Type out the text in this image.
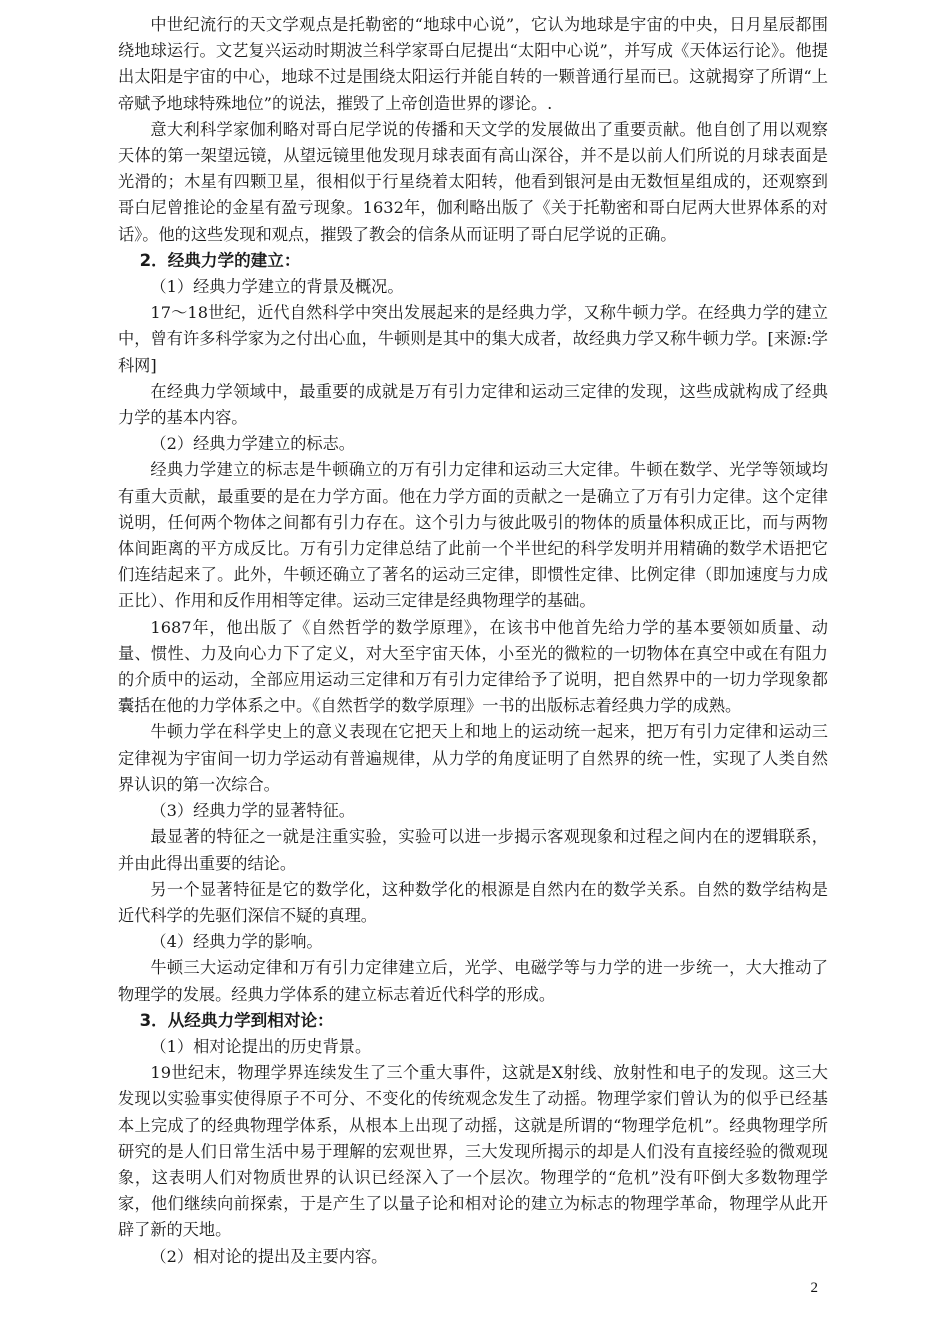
中世纪流行的天文学观点是托勒密的“地球中心说”，它认为地球是宇宙的中央，日月星辰都围绕地球运行。文艺复兴运动时期波兰科学家哥白尼提出“太阳中心说”，并写成《天体运行论》。他提出太阳是宇宙的中心，地球不过是围绕太阳运行并能自转的一颗普通行星而已。这就揭穿了所谓“上帝赋予地球特殊地位”的说法，摧毁了上帝创造世界的谬论。.

意大利科学家伽利略对哥白尼学说的传播和天文学的发展做出了重要贡献。他自创了用以观察天体的第一架望远镜，从望远镜里他发现月球表面有高山深谷，并不是以前人们所说的月球表面是光滑的；木星有四颗卫星，很相似于行星绕着太阳转，他看到银河是由无数恒星组成的，还观察到哥白尼曾推论的金星有盈亏现象。1632年，伽利略出版了《关于托勒密和哥白尼两大世界体系的对话》。他的这些发现和观点，摧毁了教会的信条从而证明了哥白尼学说的正确。

2．经典力学的建立：

（1）经典力学建立的背景及概况。

17～18世纪，近代自然科学中突出发展起来的是经典力学，又称牛顿力学。在经典力学的建立中，曾有许多科学家为之付出心血，牛顿则是其中的集大成者，故经典力学又称牛顿力学。[来源:学科网]

在经典力学领域中，最重要的成就是万有引力定律和运动三定律的发现，这些成就构成了经典力学的基本内容。

（2）经典力学建立的标志。

经典力学建立的标志是牛顿确立的万有引力定律和运动三大定律。牛顿在数学、光学等领域均有重大贡献，最重要的是在力学方面。他在力学方面的贡献之一是确立了万有引力定律。这个定律说明，任何两个物体之间都有引力存在。这个引力与彼此吸引的物体的质量体积成正比，而与两物体间距离的平方成反比。万有引力定律总结了此前一个半世纪的科学发明并用精确的数学术语把它们连结起来了。此外，牛顿还确立了著名的运动三定律，即惯性定律、比例定律（即加速度与力成正比）、作用和反作用相等定律。运动三定律是经典物理学的基础。

1687年，他出版了《自然哲学的数学原理》，在该书中他首先给力学的基本要领如质量、动量、惯性、力及向心力下了定义，对大至宇宙天体，小至光的微粒的一切物体在真空中或在有阻力的介质中的运动，全部应用运动三定律和万有引力定律给予了说明，把自然界中的一切力学现象都囊括在他的力学体系之中。《自然哲学的数学原理》一书的出版标志着经典力学的成熟。

牛顿力学在科学史上的意义表现在它把天上和地上的运动统一起来，把万有引力定律和运动三定律视为宇宙间一切力学运动有普遍规律，从力学的角度证明了自然界的统一性，实现了人类自然界认识的第一次综合。

（3）经典力学的显著特征。

最显著的特征之一就是注重实验，实验可以进一步揭示客观现象和过程之间内在的逻辑联系，并由此得出重要的结论。

另一个显著特征是它的数学化，这种数学化的根源是自然内在的数学关系。自然的数学结构是近代科学的先驱们深信不疑的真理。

（4）经典力学的影响。

牛顿三大运动定律和万有引力定律建立后，光学、电磁学等与力学的进一步统一，大大推动了物理学的发展。经典力学体系的建立标志着近代科学的形成。

3．从经典力学到相对论：

（1）相对论提出的历史背景。

19世纪末，物理学界连续发生了三个重大事件，这就是X射线、放射性和电子的发现。这三大发现以实验事实使得原子不可分、不变化的传统观念发生了动摇。物理学家们曾认为的似乎已经基本上完成了的经典物理学体系，从根本上出现了动摇，这就是所谓的“物理学危机”。经典物理学所研究的是人们日常生活中易于理解的宏观世界，三大发现所揭示的却是人们没有直接经验的微观现象，这表明人们对物质世界的认识已经深入了一个层次。物理学的“危机”没有吓倒大多数物理学家，他们继续向前探索，于是产生了以量子论和相对论的建立为标志的物理学革命，物理学从此开辟了新的天地。

（2）相对论的提出及主要内容。

2
